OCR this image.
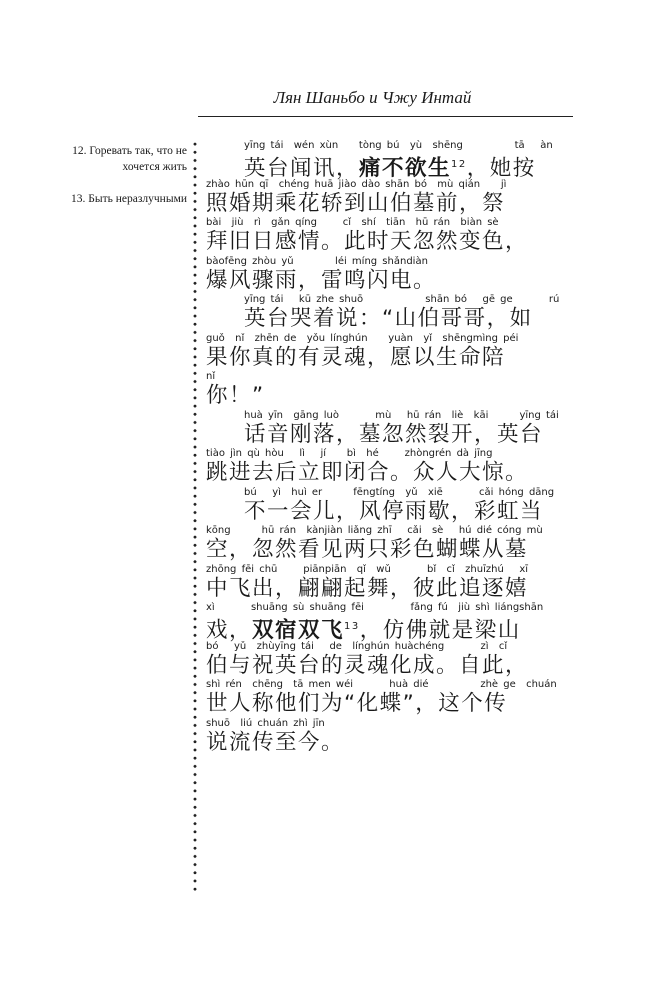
Лян Шаньбо и Чжу Интай
12. Горевать так, что не хочется жить
13. Быть неразлучными
yīng tái  wén xùn    tòng bú  yù  shēng          tā   àn
英台闻讯，痛不欲生$^{12}$，她按
zhào hūn qī  chéng huā jiào dào shān bó  mù qián    jì
照婚期乘花轿到山伯墓前，祭
bài  jiù  rì  gǎn qíng     cǐ  shí  tiān  hū rán  biàn sè
拜旧日感情。此时天忽然变色，
bàofēng zhòu yǔ        léi míng shǎndiàn
爆风骤雨，雷鸣闪电。
yīng tái   kū zhe shuō            shān bó   gē ge       rú
英台哭着说：“山伯哥哥，如
guǒ  nǐ  zhēn de  yǒu línghún    yuàn  yǐ  shēngmìng péi
果你真的有灵魂，愿以生命陪
nǐ
你！”
huà yīn  gāng luò       mù   hū rán  liè  kāi      yīng tái
话音刚落，墓忽然裂开，英台
tiào jìn qù hòu   lì   jí    bì  hé     zhòngrén dà jīng
跳进去后立即闭合。众人大惊。
bú   yì  huì er      fēngtíng  yǔ  xiē       cǎi hóng dāng
不一会儿，风停雨歇，彩虹当
kōng      hū rán  kànjiàn liǎng zhī   cǎi  sè   hú dié cóng mù
空，忽然看见两只彩色蝴蝶从墓
zhōng fēi chū     piānpiān  qǐ  wǔ       bǐ  cǐ  zhuīzhú   xī
中飞出，翩翩起舞，彼此追逐嬉
xì       shuāng sù shuāng fēi         fǎng fú  jiù shì liángshān
戏，双宿双飞$^{13}$，仿佛就是梁山
bó   yǔ  zhùyīng tái   de  línghún huàchéng       zì  cǐ
伯与祝英台的灵魂化成。自此，
shì rén  chēng  tā men wéi       huà dié          zhè ge  chuán
世人称他们为“化蝶”，这个传
shuō  liú chuán zhì jīn
说流传至今。
